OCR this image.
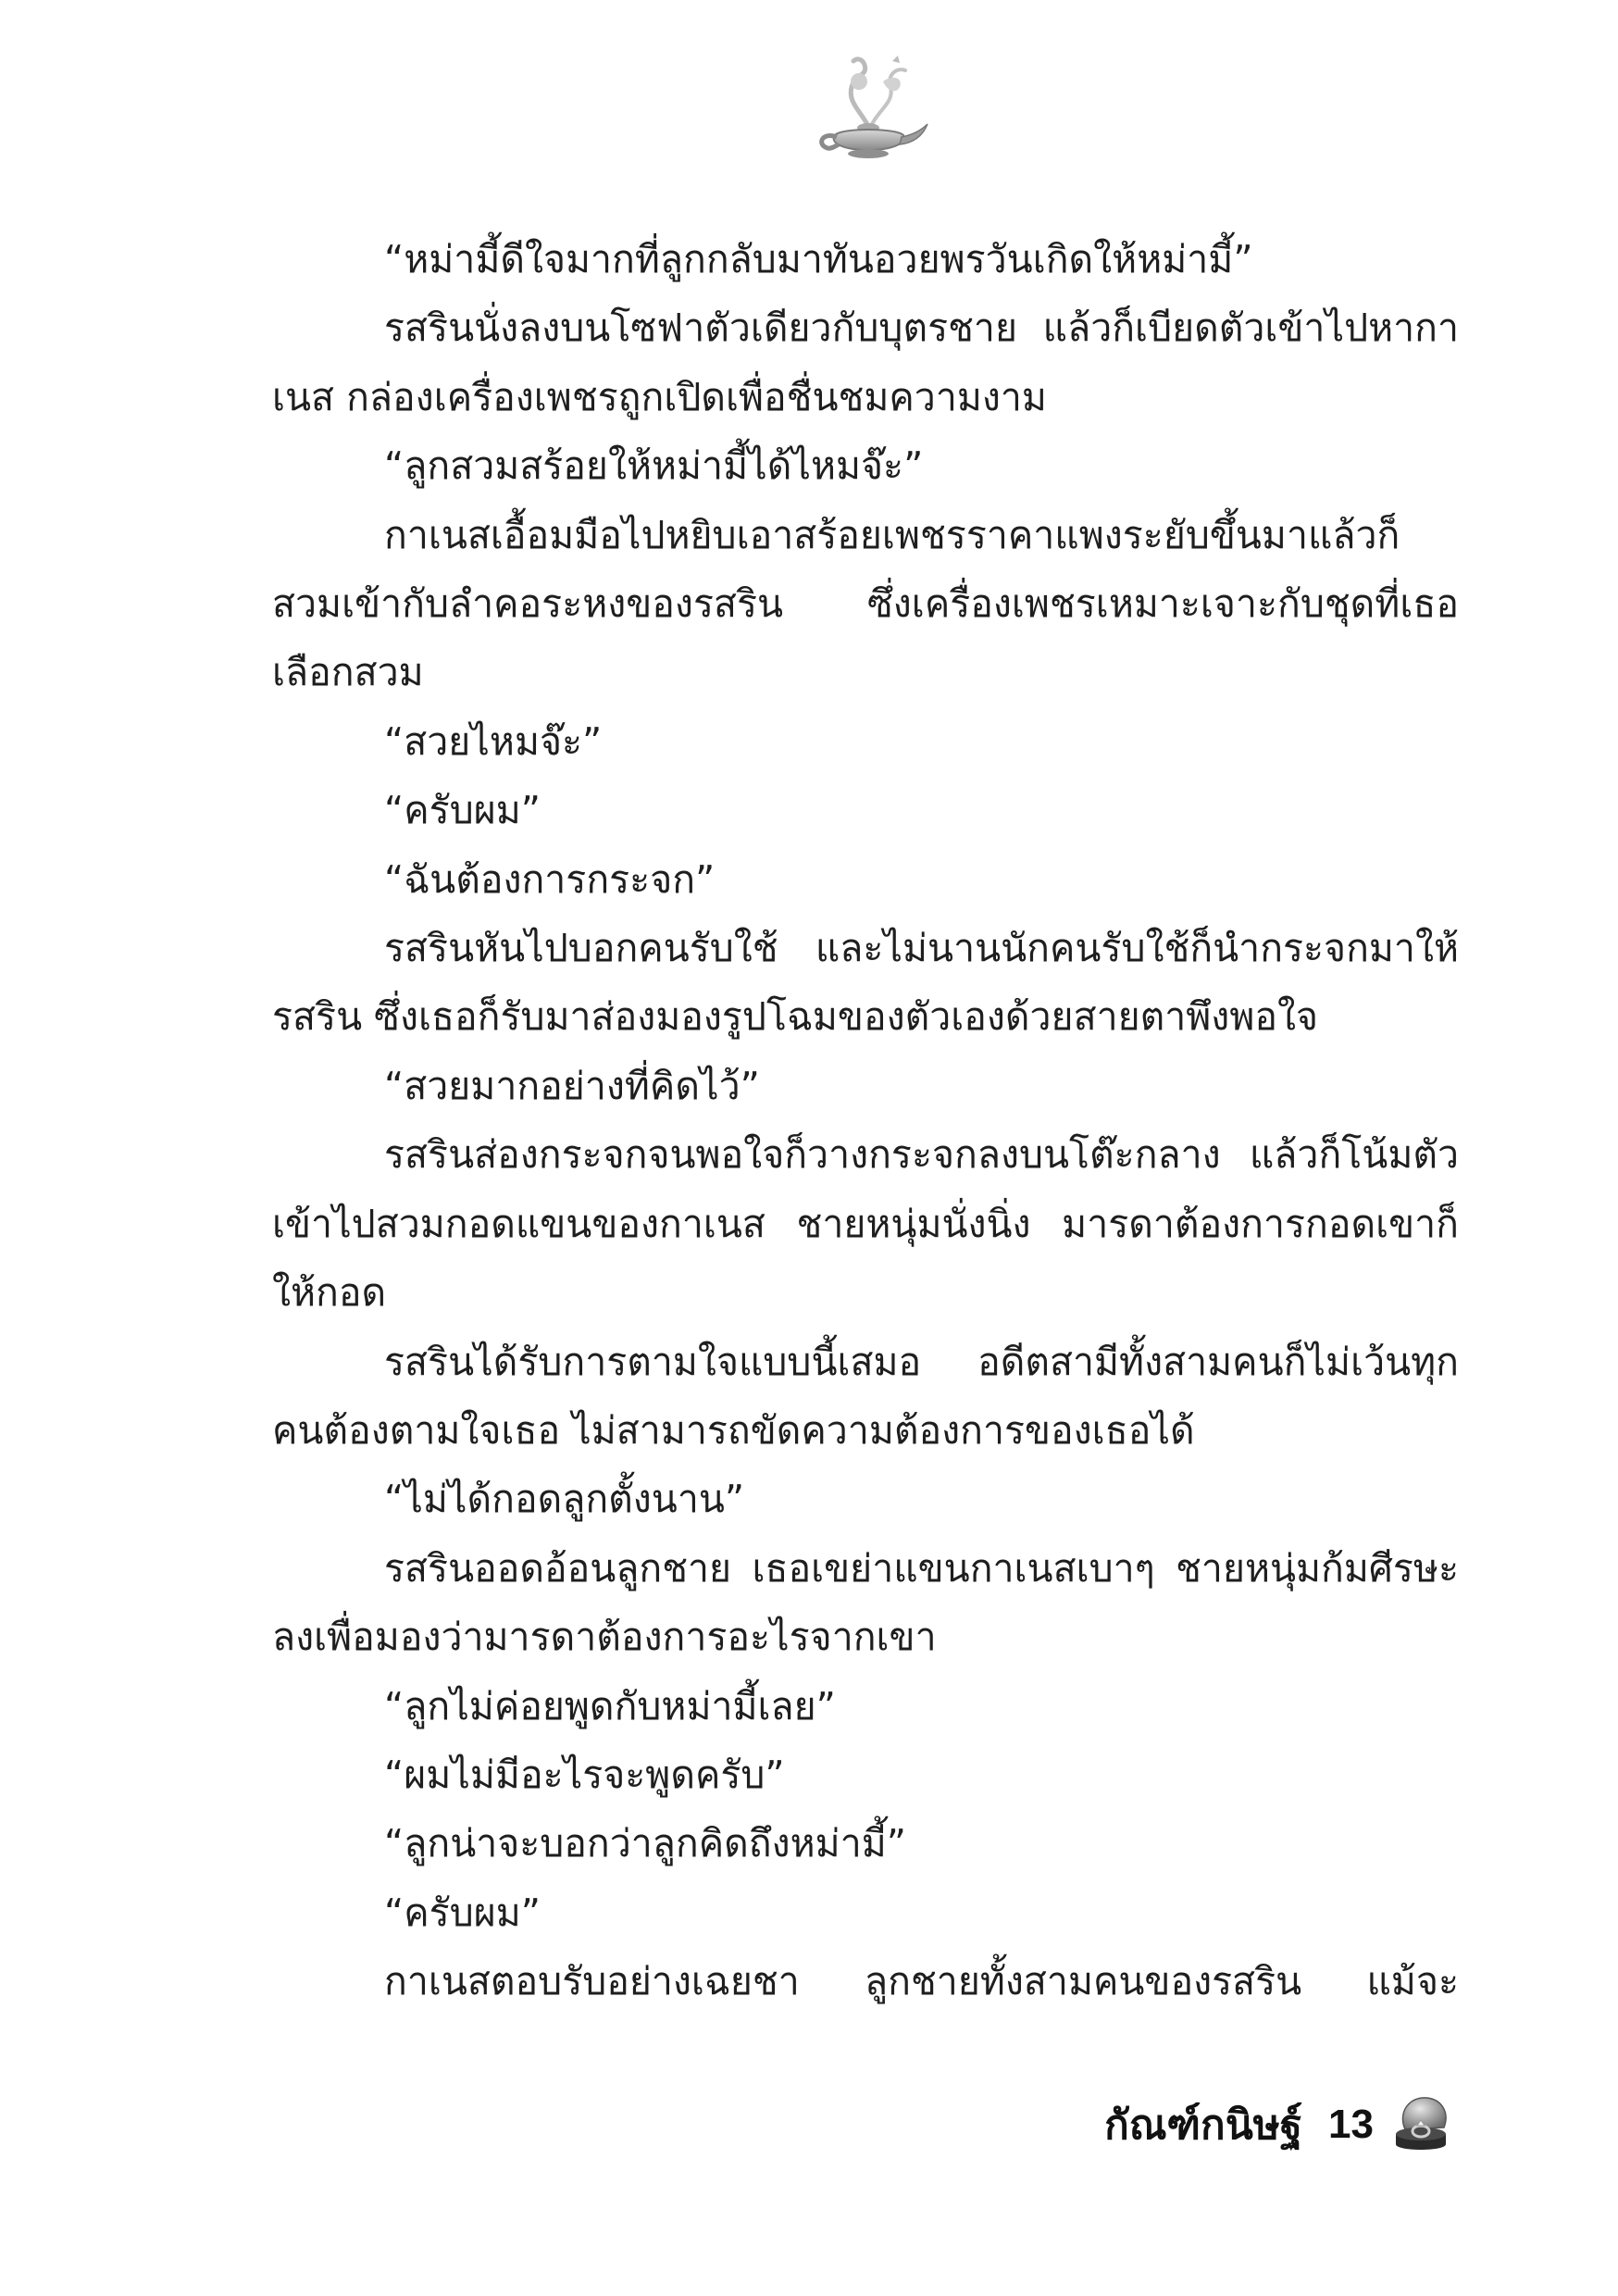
“หม่ามี้ดีใจมากที่ลูกกลับมาทันอวยพรวันเกิดให้หม่ามี้”

รสรินนั่งลงบนโซฟาตัวเดียวกับบุตรชาย แล้วก็เบียดตัวเข้าไปหากาเนส กล่องเครื่องเพชรถูกเปิดเพื่อชื่นชมความงาม

“ลูกสวมสร้อยให้หม่ามี้ได้ไหมจ๊ะ”

กาเนสเอื้อมมือไปหยิบเอาสร้อยเพชรราคาแพงระยับขึ้นมาแล้วก็สวมเข้ากับลำคอระหงของรสริน ซึ่งเครื่องเพชรเหมาะเจาะกับชุดที่เธอเลือกสวม

“สวยไหมจ๊ะ”

“ครับผม”

“ฉันต้องการกระจก”

รสรินหันไปบอกคนรับใช้ และไม่นานนักคนรับใช้ก็นำกระจกมาให้รสริน ซึ่งเธอก็รับมาส่องมองรูปโฉมของตัวเองด้วยสายตาพึงพอใจ

“สวยมากอย่างที่คิดไว้”

รสรินส่องกระจกจนพอใจก็วางกระจกลงบนโต๊ะกลาง แล้วก็โน้มตัวเข้าไปสวมกอดแขนของกาเนส ชายหนุ่มนั่งนิ่ง มารดาต้องการกอดเขาก็ให้กอด

รสรินได้รับการตามใจแบบนี้เสมอ อดีตสามีทั้งสามคนก็ไม่เว้นทุกคนต้องตามใจเธอ ไม่สามารถขัดความต้องการของเธอได้

“ไม่ได้กอดลูกตั้งนาน”

รสรินออดอ้อนลูกชาย เธอเขย่าแขนกาเนสเบาๆ ชายหนุ่มก้มศีรษะลงเพื่อมองว่ามารดาต้องการอะไรจากเขา

“ลูกไม่ค่อยพูดกับหม่ามี้เลย”

“ผมไม่มีอะไรจะพูดครับ”

“ลูกน่าจะบอกว่าลูกคิดถึงหม่ามี้”

“ครับผม”

กาเนสตอบรับอย่างเฉยชา ลูกชายทั้งสามคนของรสริน แม้จะ

กัณฑ์กนิษฐ์ 13
